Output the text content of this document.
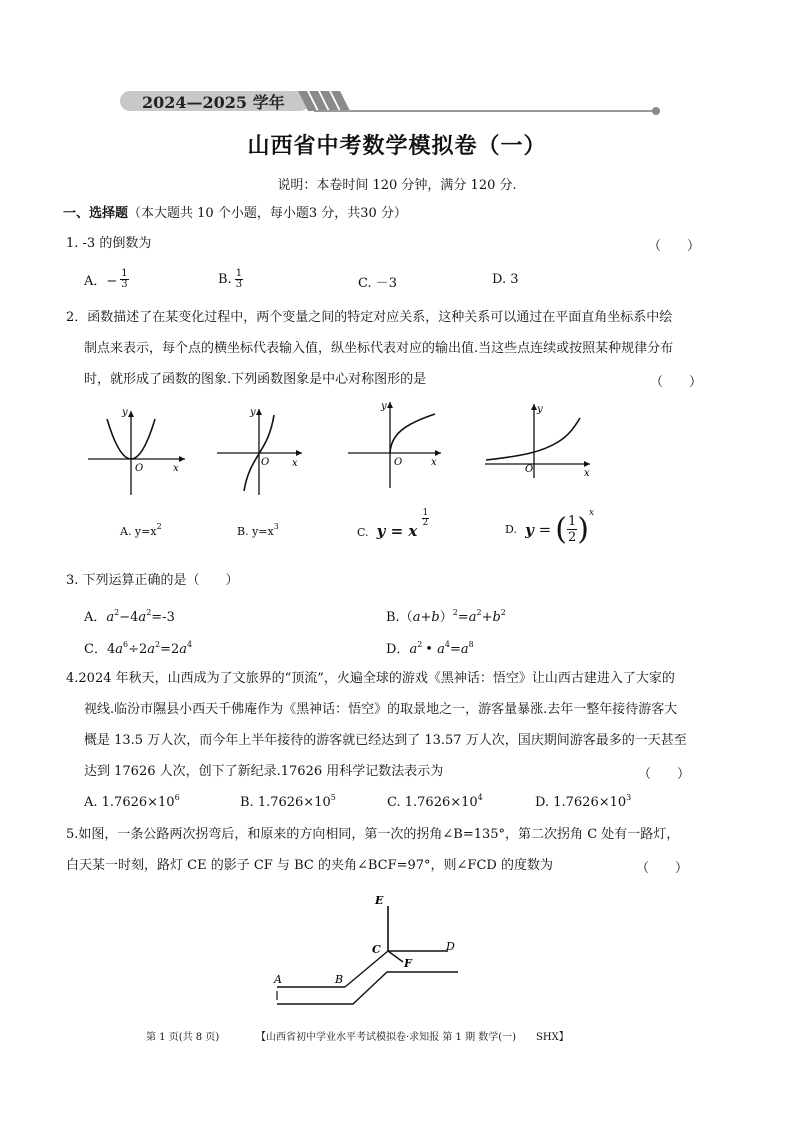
2024—2025 学年
山西省中考数学模拟卷（一）
说明：本卷时间 120 分钟，满分 120 分.
一、选择题（本大题共 10 个小题，每小题3 分，共30 分）
1. -3 的倒数为	（　　）
A．− $\frac{1}{3}$	B. $\frac{1}{3}$	C. －3	D. 3
2．函数描述了在某变化过程中，两个变量之间的特定对应关系，这种关系可以通过在平面直角坐标系中绘
制点来表示，每个点的横坐标代表输入值，纵坐标代表对应的输出值.当这些点连续或按照某种规律分布
时，就形成了函数的图象.下列函数图象是中心对称图形的是	（　　）
y
x
O
y
x
O
y
x
O
y
x
O
A. $y=x^2$	B. $y=x^3$	$_{C.}$ y = x
$\frac{1}{2}$
D. y = ( $\frac{1}{2} )^x$
3. 下列运算正确的是（　　）
A．$a^2-4a^2=-3$	$B.(a+b)^2=a^2+b^2$
C．$4a^6\div 2a^2=2a^4$	D．$a^2$ • $a^4=a^8$
4.2024 年秋天，山西成为了文旅界的“顶流”，火遍全球的游戏《黑神话：悟空》让山西古建进入了大家的
视线.临汾市隰县小西天千佛庵作为《黑神话：悟空》的取景地之一，游客量暴涨.去年一整年接待游客大
概是 13.5 万人次，而今年上半年接待的游客就已经达到了 13.57 万人次，国庆期间游客最多的一天甚至
达到 17626 人次，创下了新纪录.17626 用科学记数法表示为	（　　）
A. $1.7626\times 10^6$	B. $1.7626\times 10^5$	C. $1.7626\times 10^4$	D. $1.7626\times 10^3$
5.如图，一条公路两次拐弯后，和原来的方向相同，第一次的拐角∠B=135°，第二次拐角 C 处有一路灯，
白天某一时刻，路灯 CE 的影子 CF 与 BC 的夹角∠BCF=97°，则∠FCD 的度数为	（　　）
E
C	D
F
A	B
第 1 页(共 8 页)	【山西省初中学业水平考试模拟卷·求知报 第 1 期 数学(一)　　SHX】
